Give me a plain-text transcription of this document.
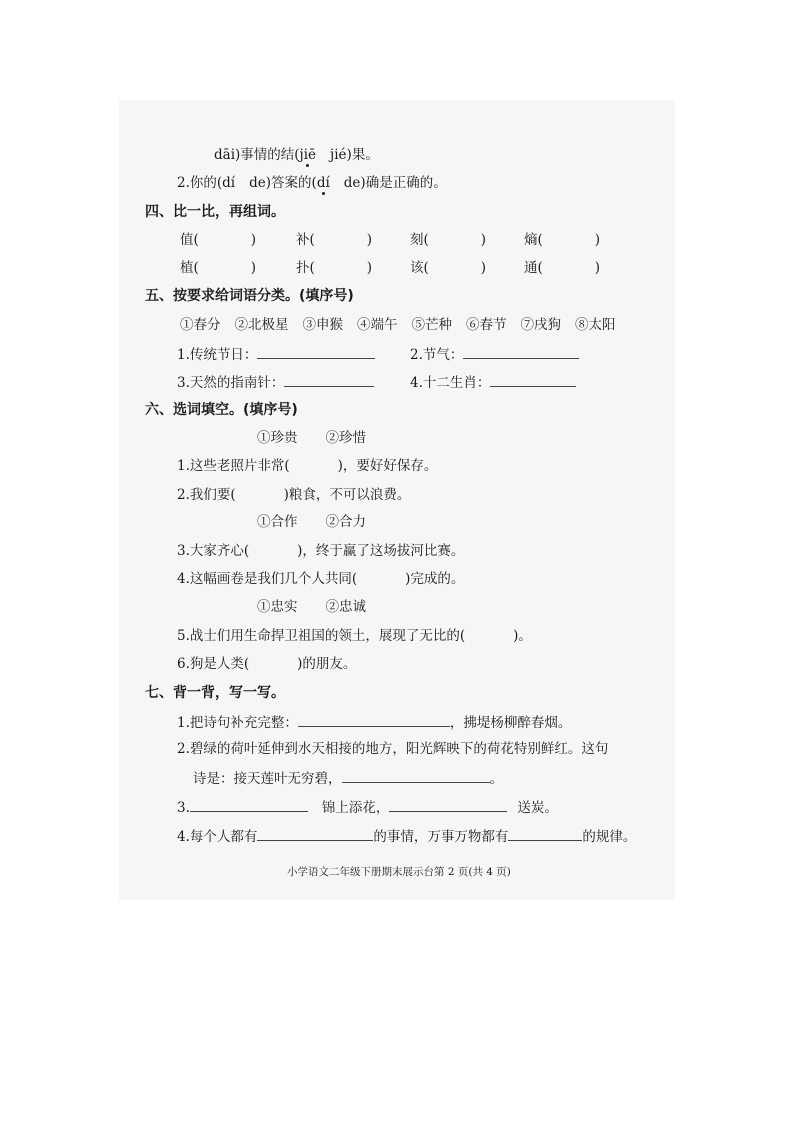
dāi)事情的结(jiē jié)果。
2.你的(dí de)答案的(dí de)确是正确的。
四、比一比，再组词。
值(	)	补(	)	刻(	)	熵(	)
植(	)	扑(	)	该(	)	通(	)
五、按要求给词语分类。(填序号)
①春分 ②北极星 ③申猴 ④端午 ⑤芒种 ⑥春节 ⑦戌狗 ⑧太阳
1.传统节日：	2.节气：
3.天然的指南针：	4.十二生肖：
六、选词填空。(填序号)
①珍贵 ②珍惜
1.这些老照片非常(	)，要好好保存。
2.我们要(	)粮食，不可以浪费。
①合作 ②合力
3.大家齐心(	)，终于赢了这场拔河比赛。
4.这幅画卷是我们几个人共同(	)完成的。
①忠实 ②忠诚
5.战士们用生命捍卫祖国的领土，展现了无比的(	)。
6.狗是人类(	)的朋友。
七、背一背，写一写。
1.把诗句补充完整：	，拂堤杨柳醉春烟。
2.碧绿的荷叶延伸到水天相接的地方，阳光辉映下的荷花特别鲜红。这句
诗是：接天莲叶无穷碧，	。
3.	锦上添花，	送炭。
4.每个人都有	的事情，万事万物都有	的规律。
小学语文二年级下册期末展示台第 2 页(共 4 页)
